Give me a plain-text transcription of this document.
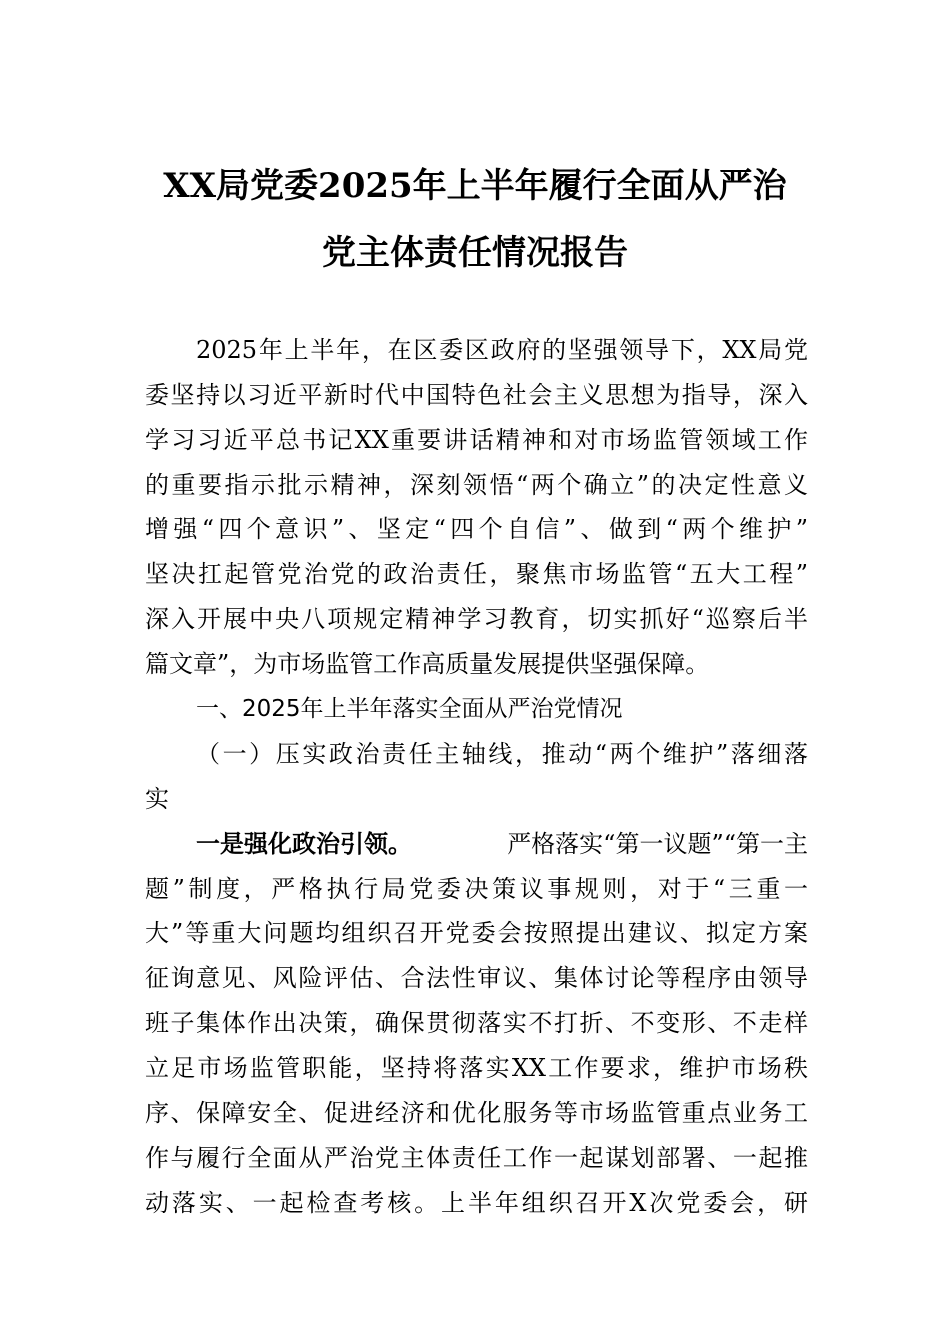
XX局党委2025年上半年履行全面从严治
党主体责任情况报告
2025年上半年，在区委区政府的坚强领导下，XX局党
委坚持以习近平新时代中国特色社会主义思想为指导，深入
学习习近平总书记XX重要讲话精神和对市场监管领域工作
的重要指示批示精神，深刻领悟“两个确立”的决定性意义
增强“四个意识”、坚定“四个自信”、做到“两个维护”
坚决扛起管党治党的政治责任，聚焦市场监管“五大工程”
深入开展中央八项规定精神学习教育，切实抓好“巡察后半
篇文章”，为市场监管工作高质量发展提供坚强保障。
一、2025年上半年落实全面从严治党情况
（一）压实政治责任主轴线，推动“两个维护”落细落
实
一是强化政治引领。	严格落实“第一议题”“第一主
题”制度，严格执行局党委决策议事规则，对于“三重一
大”等重大问题均组织召开党委会按照提出建议、拟定方案
征询意见、风险评估、合法性审议、集体讨论等程序由领导
班子集体作出决策，确保贯彻落实不打折、不变形、不走样
立足市场监管职能，坚持将落实XX工作要求，维护市场秩
序、保障安全、促进经济和优化服务等市场监管重点业务工
作与履行全面从严治党主体责任工作一起谋划部署、一起推
动落实、一起检查考核。上半年组织召开X次党委会，研
